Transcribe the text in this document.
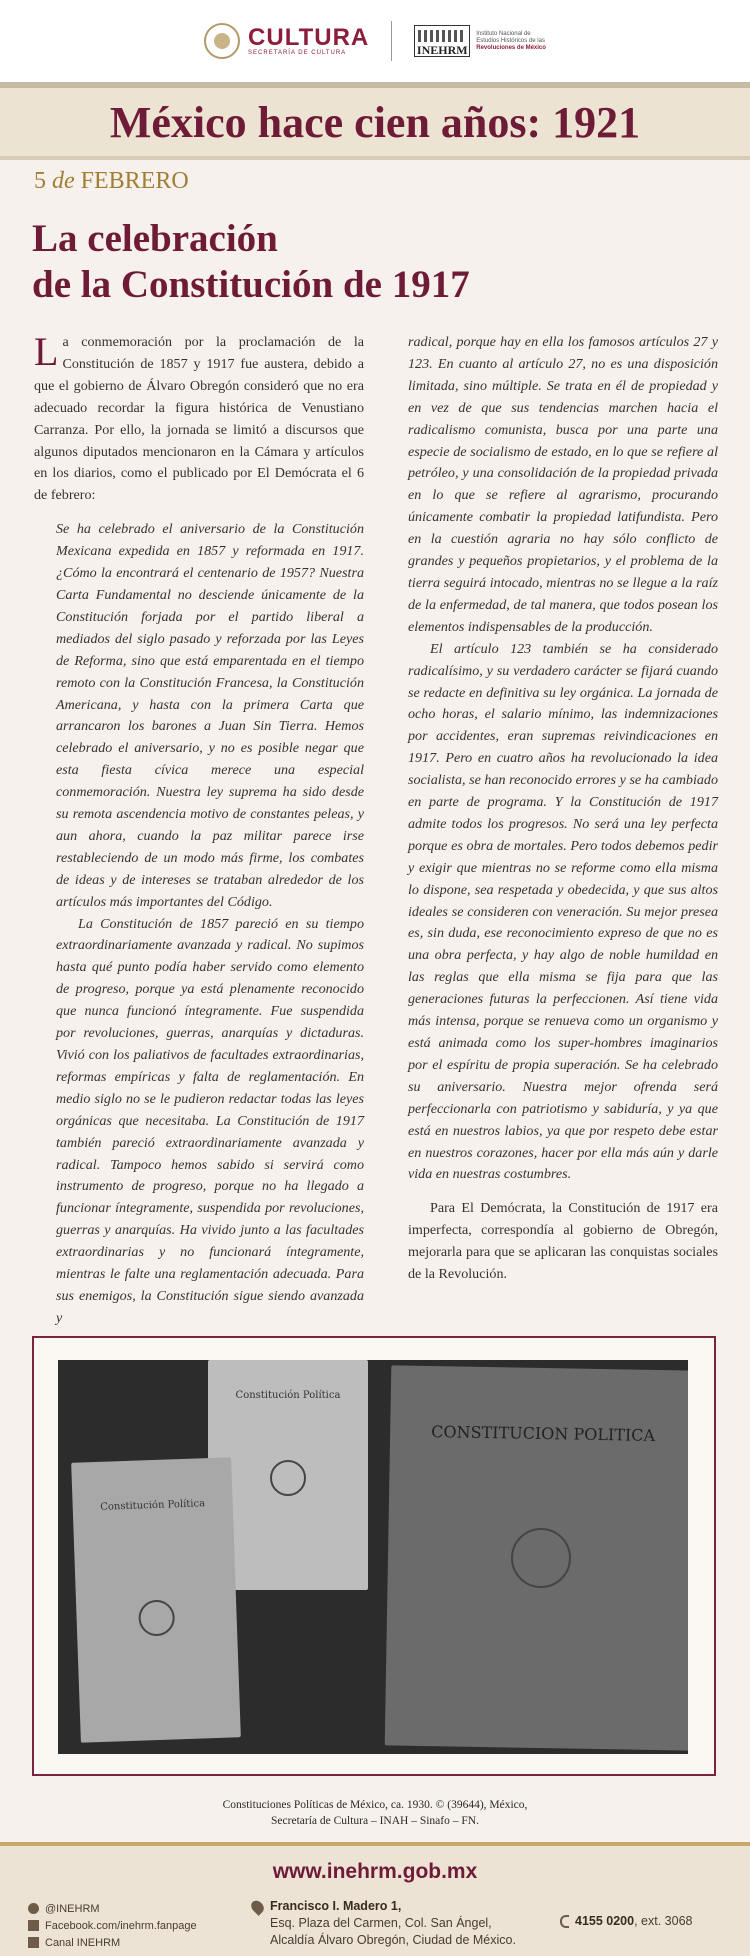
CULTURA
SECRETARÍA DE CULTURA	INEHRM
Instituto Nacional de
Estudios Históricos de las
Revoluciones de México
México hace cien años: 1921
5 de FEBRERO
La celebración
de la Constitución de 1917

La conmemoración por la proclamación de la Constitución de 1857 y 1917 fue austera, debido a que el gobierno de Álvaro Obregón consideró que no era adecuado recordar la figura histórica de Venustiano Carranza. Por ello, la jornada se limitó a discursos que algunos diputados mencionaron en la Cámara y artículos en los diarios, como el publicado por El Demócrata el 6 de febrero:

Se ha celebrado el aniversario de la Constitución Mexicana expedida en 1857 y reformada en 1917. ¿Cómo la encontrará el centenario de 1957? Nuestra Carta Fundamental no desciende únicamente de la Constitución forjada por el partido liberal a mediados del siglo pasado y reforzada por las Leyes de Reforma, sino que está emparentada en el tiempo remoto con la Constitución Francesa, la Constitución Americana, y hasta con la primera Carta que arrancaron los barones a Juan Sin Tierra. Hemos celebrado el aniversario, y no es posible negar que esta fiesta cívica merece una especial conmemoración. Nuestra ley suprema ha sido desde su remota ascendencia motivo de constantes peleas, y aun ahora, cuando la paz militar parece irse restableciendo de un modo más firme, los combates de ideas y de intereses se trataban alrededor de los artículos más importantes del Código.

La Constitución de 1857 pareció en su tiempo extraordinariamente avanzada y radical. No supimos hasta qué punto podía haber servido como elemento de progreso, porque ya está plenamente reconocido que nunca funcionó íntegramente. Fue suspendida por revoluciones, guerras, anarquías y dictaduras. Vivió con los paliativos de facultades extraordinarias, reformas empíricas y falta de reglamentación. En medio siglo no se le pudieron redactar todas las leyes orgánicas que necesitaba. La Constitución de 1917 también pareció extraordinariamente avanzada y radical. Tampoco hemos sabido si servirá como instrumento de progreso, porque no ha llegado a funcionar íntegramente, suspendida por revoluciones, guerras y anarquías. Ha vivido junto a las facultades extraordinarias y no funcionará íntegramente, mientras le falte una reglamentación adecuada. Para sus enemigos, la Constitución sigue siendo avanzada y

radical, porque hay en ella los famosos artículos 27 y 123. En cuanto al artículo 27, no es una disposición limitada, sino múltiple. Se trata en él de propiedad y en vez de que sus tendencias marchen hacia el radicalismo comunista, busca por una parte una especie de socialismo de estado, en lo que se refiere al petróleo, y una consolidación de la propiedad privada en lo que se refiere al agrarismo, procurando únicamente combatir la propiedad latifundista. Pero en la cuestión agraria no hay sólo conflicto de grandes y pequeños propietarios, y el problema de la tierra seguirá intocado, mientras no se llegue a la raíz de la enfermedad, de tal manera, que todos posean los elementos indispensables de la producción.

El artículo 123 también se ha considerado radicalísimo, y su verdadero carácter se fijará cuando se redacte en definitiva su ley orgánica. La jornada de ocho horas, el salario mínimo, las indemnizaciones por accidentes, eran supremas reivindicaciones en 1917. Pero en cuatro años ha revolucionado la idea socialista, se han reconocido errores y se ha cambiado en parte de programa. Y la Constitución de 1917 admite todos los progresos. No será una ley perfecta porque es obra de mortales. Pero todos debemos pedir y exigir que mientras no se reforme como ella misma lo dispone, sea respetada y obedecida, y que sus altos ideales se consideren con veneración. Su mejor presea es, sin duda, ese reconocimiento expreso de que no es una obra perfecta, y hay algo de noble humildad en las reglas que ella misma se fija para que las generaciones futuras la perfeccionen. Así tiene vida más intensa, porque se renueva como un organismo y está animada como los super-hombres imaginarios por el espíritu de propia superación. Se ha celebrado su aniversario. Nuestra mejor ofrenda será perfeccionarla con patriotismo y sabiduría, y ya que está en nuestros labios, ya que por respeto debe estar en nuestros corazones, hacer por ella más aún y darle vida en nuestras costumbres.

Para El Demócrata, la Constitución de 1917 era imperfecta, correspondía al gobierno de Obregón, mejorarla para que se aplicaran las conquistas sociales de la Revolución.

CONSTITUCION POLITICA
Constitución Política
Constitución Política
Constituciones Políticas de México, ca. 1930. © (39644), México,
Secretaría de Cultura – INAH – Sinafo – FN.
www.inehrm.gob.mx
@INEHRM
Facebook.com/inehrm.fanpage
Canal INEHRM
Francisco I. Madero 1,
Esq. Plaza del Carmen, Col. San Ángel,
Alcaldía Álvaro Obregón, Ciudad de México.
4155 0200, ext. 3068
